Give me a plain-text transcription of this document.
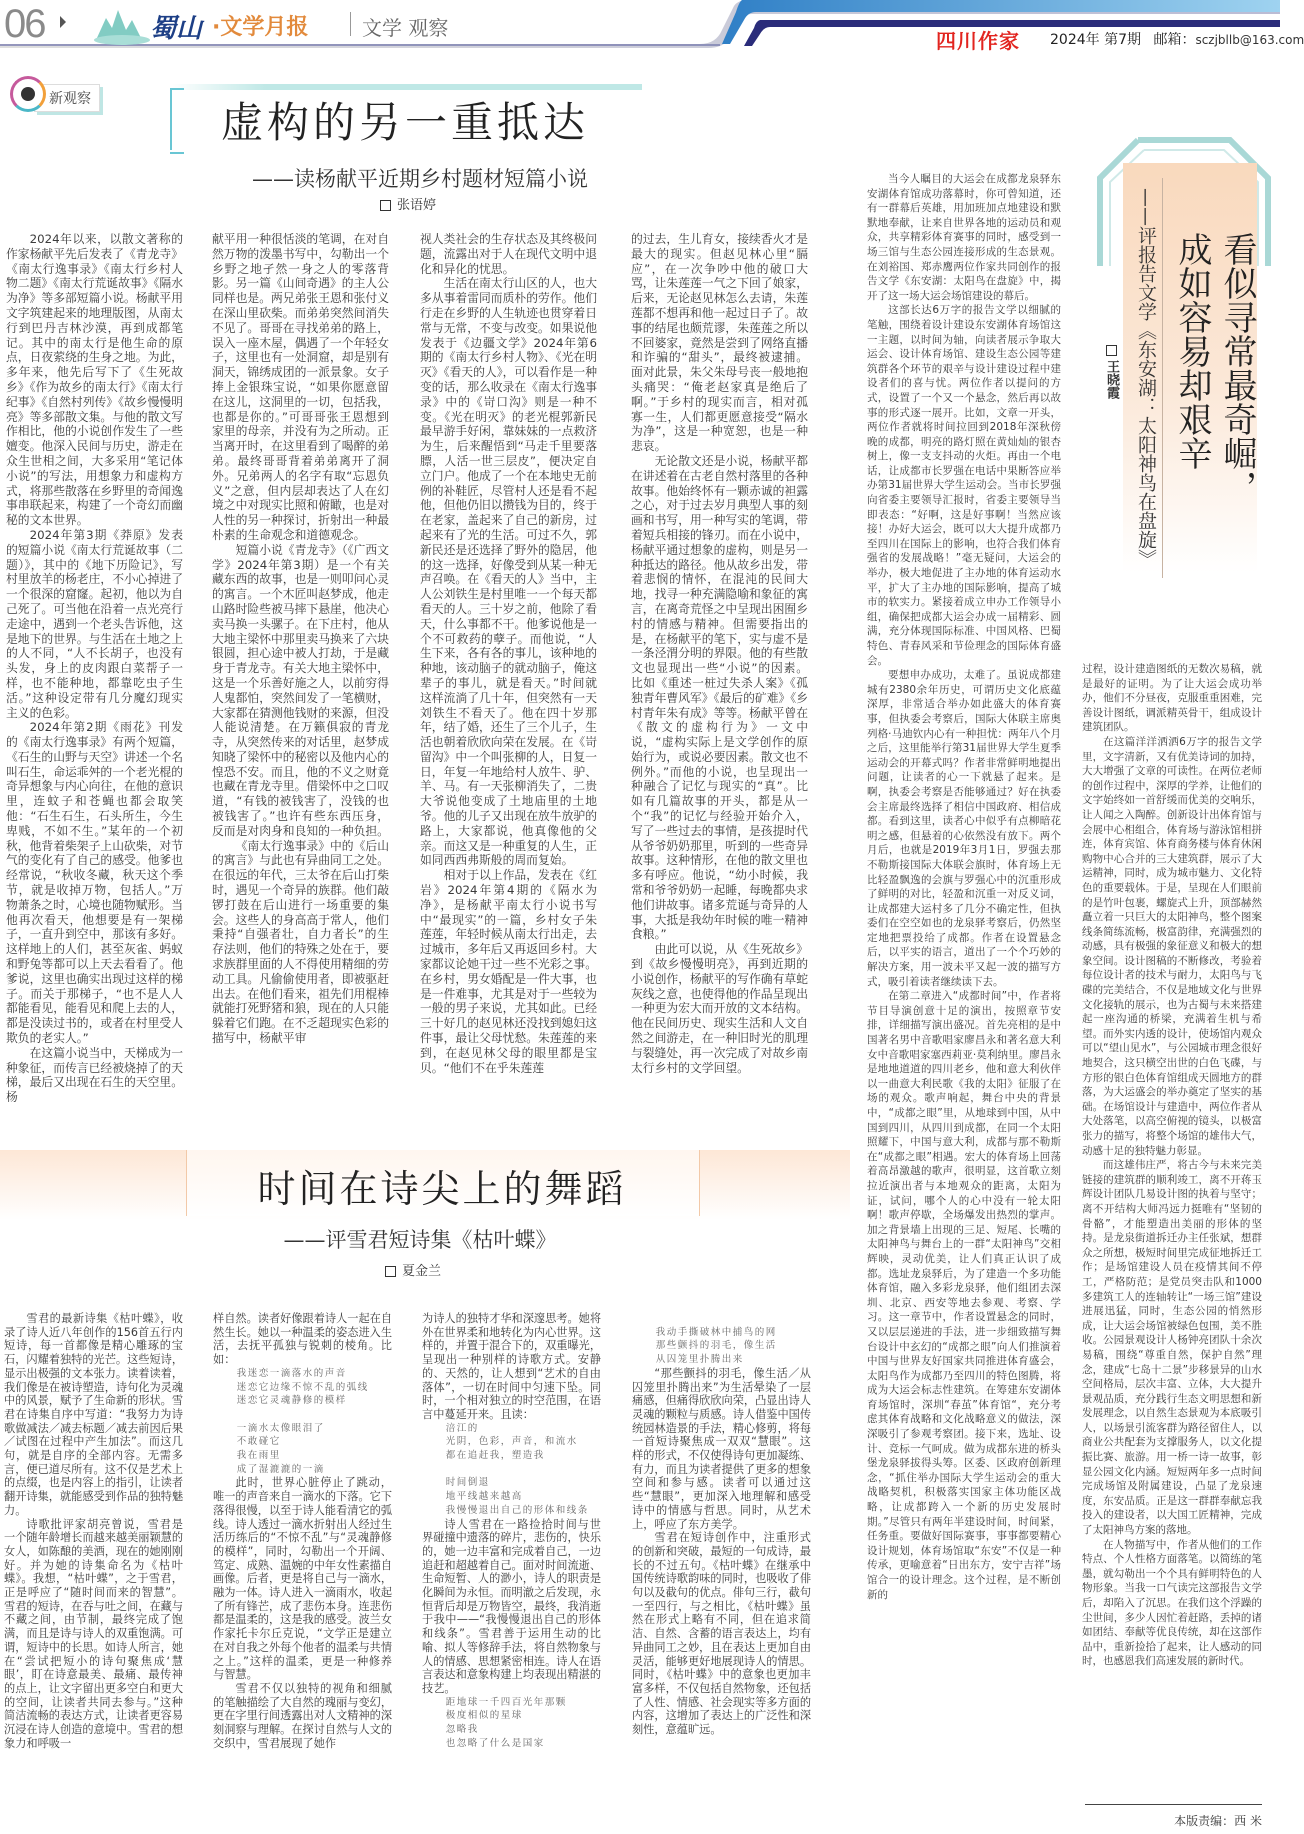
06	蜀山 ·文学月报	文学 观察
四川作家 2024年 第7期 邮箱：sczjbllb@163.com
新观察	虚构的另一重抵达
——读杨献平近期乡村题材短篇小说
张语婷

2024年以来，以散文著称的作家杨献平先后发表了《青龙寺》《南太行逸事录》《南太行乡村人物二题》《南太行荒诞故事》《隔水为净》等多部短篇小说。杨献平用文字筑建起来的地理版图，从南太行到巴丹吉林沙漠，再到成都笔记。其中的南太行是他生命的原点，日夜萦绕的生身之地。为此，多年来，他先后写下了《生死故乡》《作为故乡的南太行》《南太行纪事》《自然村列传》《故乡慢慢明亮》等多部散文集。与他的散文写作相比，他的小说创作发生了一些嬗变。他深入民间与历史，游走在众生世相之间，大多采用“笔记体小说”的写法，用想象力和虚构方式，将那些散落在乡野里的奇闻逸事串联起来，构建了一个奇幻而幽秘的文本世界。

2024年第3期《莽原》发表的短篇小说《南太行荒诞故事（二题）》，其中的《地下历险记》，写村里放羊的杨老庄，不小心掉进了一个很深的窟窿。起初，他以为自己死了。可当他在沿着一点光亮行走途中，遇到一个老头告诉他，这是地下的世界。与生活在土地之上的人不同，“人不长胡子，也没有头发，身上的皮肉跟白菜帮子一样，也不能种地，都靠吃虫子生活。”这种设定带有几分魔幻现实主义的色彩。

2024年第2期《雨花》刊发的《南太行逸事录》有两个短篇，《石生的山野与天空》讲述一个名叫石生，命运乖舛的一个老光棍的奇异想象与内心向往，在他的意识里，连蚊子和苍蝇也都会取笑他：“石生石生，石头所生，今生卑贱，不如不生。”某年的一个初秋，他背着柴架子上山砍柴，对节气的变化有了自己的感受。他爹也经常说，“秋收冬藏，秋天这个季节，就是收掉万物，包括人。”万物萧条之时，心境也随物赋形。当他再次看天，他想要是有一架梯子，一直升到空中，那该有多好。这样地上的人们，甚至灰雀、蚂蚁和野兔等都可以上天去看看了。他爹说，这里也确实出现过这样的梯子。而关于那梯子，“也不是人人都能看见，能看见和爬上去的人，都是没读过书的，或者在村里受人欺负的老实人。”

在这篇小说当中，天梯成为一种象征，而传言已经被烧掉了的天梯，最后又出现在石生的天空里。杨

献平用一种很恬淡的笔调，在对自然万物的泼墨书写中，勾勒出一个乡野之地孑然一身之人的零落背影。另一篇《山间奇遇》的主人公同样也是。两兄弟张王恩和张付义在深山里砍柴。而弟弟突然间消失不见了。哥哥在寻找弟弟的路上，误入一座木屋，偶遇了一个年轻女子，这里也有一处洞窟，却是别有洞天，锦绣成团的一派景象。女子捧上金银珠宝说，“如果你愿意留在这儿，这洞里的一切，包括我，也都是你的。”可哥哥张王恩想到家里的母亲，并没有为之所动。正当离开时，在这里看到了喝醉的弟弟。最终哥哥背着弟弟离开了洞外。兄弟两人的名字有取“忘恩负义”之意，但内层却表达了人在幻境之中对现实比照和俯瞰，也是对人性的另一种探讨，折射出一种最朴素的生命观念和道德观念。

短篇小说《青龙寺》（《广西文学》2024年第3期）是一个有关藏东西的故事，也是一则叩问心灵的寓言。一个木匠叫赵梦成，他走山路时险些被马摔下悬崖，他决心卖马换一头骡子。在下庄村，他从大地主梁怀中那里卖马换来了六块银圆，担心途中被人打劫，于是藏身于青龙寺。有关大地主梁怀中，这是一个乐善好施之人，以前穷得人鬼都怕，突然间发了一笔横财，大家都在猜测他钱财的来源，但没人能说清楚。在万籁俱寂的青龙寺，从突然传来的对话里，赵梦成知晓了梁怀中的秘密以及他内心的惶恐不安。而且，他的不义之财竟也藏在青龙寺里。借梁怀中之口叹道，“有钱的被钱害了，没钱的也被钱害了。”也许有些东西压身，反而是对肉身和良知的一种负担。

《南太行逸事录》中的《后山的寓言》与此也有异曲同工之处。在很远的年代，三太爷在后山打柴时，遇见一个奇异的族群。他们敲锣打鼓在后山进行一场重要的集会。这些人的身高高于常人，他们秉持“自强者壮，自力者长”的生存法则，他们的特殊之处在于，要求族群里面的人不得使用精细的劳动工具。凡偷偷使用者，即被驱赶出去。在他们看来，祖先们用棍棒就能打死野猪和狼，现在的人只能躲着它们跑。在不乏超现实色彩的描写中，杨献平审

视人类社会的生存状态及其终极问题，流露出对于人在现代文明中退化和异化的忧思。

生活在南太行山区的人，也大多从事着雷同而质朴的劳作。他们行走在乡野的人生轨迹也贯穿着日常与无常，不变与改变。如果说他发表于《边疆文学》2024年第6期的《南太行乡村人物》、《光在明灭》《看天的人》，可以看作是一种变的话，那么收录在《南太行逸事录》中的《岢口沟》则是一种不变。《光在明灭》的老光棍郭新民最早游手好闲，靠妹妹的一点救济为生，后来醒悟到“马走千里要落膘，人活一世三层皮”，便决定自立门户。他成了一个在本地史无前例的补鞋匠，尽管村人还是看不起他，但他仍旧以攒钱为目的，终于在老家，盖起来了自己的新房，过起来有了光的生活。可过不久，郭新民还是还选择了野外的隐居，他的这一选择，好像受到从某一种无声召唤。在《看天的人》当中，主人公刘铁生是村里唯一一个每天都看天的人。三十岁之前，他除了看天，什么事都不干。他爹说他是一个不可救药的孽子。而他说，“人生下来，各有各的事儿，该种地的种地，该动脑子的就动脑子，俺这辈子的事儿，就是看天。”时间就这样流淌了几十年，但突然有一天刘铁生不看天了。他在四十岁那年，结了婚，还生了三个儿子，生活也朝着欣欣向荣在发展。在《岢留沟》中一个叫张柳的人，日复一日，年复一年地给村人放牛、驴、羊、马。有一天张柳消失了，二贵大爷说他变成了土地庙里的土地爷。他的儿子又出现在放牛放驴的路上，大家都说，他真像他的父亲。而这又是一种重复的人生，正如同西西弗斯般的周而复始。

相对于以上作品，发表在《红岩》2024年第4期的《隔水为净》，是杨献平南太行小说书写中“最现实”的一篇，乡村女子朱莲莲，年轻时候从南太行出走，去过城市，多年后又再返回乡村。大家都议论她干过一些不光彩之事。在乡村，男女婚配是一件大事，也是一件难事，尤其是对于一些较为一般的男子来说，尤其如此。已经三十好几的赵见林还没找到媳妇这件事，最让父母忧愁。朱莲莲的来到，在赵见林父母的眼里都是宝贝。“他们不在乎朱莲莲

的过去，生儿育女，接续香火才是最大的现实。但赵见林心里“膈应”，在一次争吵中他的破口大骂，让朱莲莲一气之下回了娘家，后来，无论赵见林怎么去请，朱莲莲都不想再和他一起过日子了。故事的结尾也颇荒谬，朱莲莲之所以不回婆家，竟然是尝到了网络直播和诈骗的“甜头”，最终被逮捕。面对此景，朱父朱母号丧一般地抱头痛哭：“俺老赵家真是绝后了啊。”于乡村的现实而言，相对孤寡一生，人们都更愿意接受“隔水为净”，这是一种宽恕，也是一种悲哀。

无论散文还是小说，杨献平都在讲述着在古老自然村落里的各种故事。他始终怀有一颗赤诚的袒露之心，对于过去岁月典型人事的刻画和书写，用一种写实的笔调，带着短兵相接的锋刃。而在小说中，杨献平通过想象的虚构，则是另一种抵达的路径。他从故乡出发，带着悲悯的情怀，在混沌的民间大地，找寻一种充满隐喻和象征的寓言，在离奇荒怪之中呈现出困囿乡村的情感与精神。但需要指出的是，在杨献平的笔下，实与虚不是一条泾渭分明的界限。他的有些散文也显现出一些“小说”的因素。比如《重述一桩过失杀人案》《孤独青年曹风军》《最后的矿难》《乡村青年朱有成》等等。杨献平曾在《散文的虚构行为》一文中说，“虚构实际上是文学创作的原始行为，或说必要因素。散文也不例外。”而他的小说，也呈现出一种融合了记忆与现实的“真”。比如有几篇故事的开头，都是从一个“我”的记忆与经验开始介入，写了一些过去的事情，是孩提时代从爷爷奶奶那里，听到的一些奇异故事。这种情形，在他的散文里也多有呼应。他说，“幼小时候，我常和爷爷奶奶一起睡，每晚都央求他们讲故事。诸多荒诞与奇异的人事，大抵是我幼年时候的唯一精神食粮。”

由此可以说，从《生死故乡》到《故乡慢慢明亮》，再到近期的小说创作，杨献平的写作确有草蛇灰线之意，也使得他的作品呈现出一种更为宏大而开放的文本结构。他在民间历史、现实生活和人文自然之间游走，在一种旧时光的肌理与裂缝处，再一次完成了对故乡南太行乡村的文学回望。

时间在诗尖上的舞蹈
——评雪君短诗集《枯叶蝶》
夏金兰

雪君的最新诗集《枯叶蝶》，收录了诗人近八年创作的156首五行内短诗，每一首都像是精心雕琢的宝石，闪耀着独特的光芒。这些短诗，显示出极强的文本张力。读着读着，我们像是在被诗塑造，诗句化为灵魂中的风景，赋予了生命新的形状。雪君在诗集自序中写道：“我努力为诗歌做减法／减去标题／减去前因后果／试图在过程中产生加法”。而这几句，就是自序的全部内容。无需多言，便已道尽所有。这不仅是艺术上的点缀，也是内容上的指引，让读者翻开诗集，就能感受到作品的独特魅力。

诗歌批评家胡亮曾说，雪君是一个随年龄增长而越来越美丽颖慧的女人，如陈酿的美酒，现在的她刚刚好。并为她的诗集命名为《枯叶蝶》。我想，“枯叶蝶”，之于雪君，正是呼应了“随时间而来的智慧”。雪君的短诗，在吞与吐之间，在藏与不藏之间，由节制，最终完成了饱满，而且是诗与诗人的双重饱满。可谓，短诗中的长思。如诗人所言，她在“尝试把短小的诗句聚焦成‘慧眼’，盯在诗意最美、最痛、最传神的点上，让文字留出更多空白和更大的空间，让读者共同去参与。”这种简洁流畅的表达方式，让读者更容易沉浸在诗人创造的意境中。雪君的想象力和呼吸一

样自然。读者好像跟着诗人一起在自然生长。她以一种温柔的姿态进入生活，去抚平孤独与锐刺的棱角。比如：

我迷恋一滴落水的声音
迷恋它边缘不惊不乱的弧线
迷恋它灵魂静修的模样
一滴水太像眼泪了
不敢碰它
我在雨里
成了湿漉漉的一滴

此时，世界心脏停止了跳动，唯一的声音来自一滴水的下落。它下落得很慢，以至于诗人能看清它的弧线。诗人透过一滴水折射出人经过生活历练后的“不惊不乱”与“灵魂静修的模样”，同时，勾勒出一个开阔、笃定、成熟、温婉的中年女性素描自画像。后者，更是将自己与一滴水，融为一体。诗人进入一滴雨水，收起了所有锋芒，成了悲伤本身。连悲伤都是温柔的，这是我的感受。波兰女作家托卡尔丘克说，“文学正是建立在对自我之外每个他者的温柔与共情之上。”这样的温柔，更是一种修养与智慧。

雪君不仅以独特的视角和细腻的笔触描绘了大自然的瑰丽与变幻，更在字里行间透露出对人文精神的深刻洞察与理解。在探讨自然与人文的交织中，雪君展现了她作

为诗人的独特才华和深邃思考。她将外在世界柔和地转化为内心世界。这样的，并置于混合下的，双重曝光，呈现出一种别样的诗歌方式。安静的、天然的，让人想到“艺术的自由落体”，一切在时间中匀速下坠。同时，一个相对独立的时空范围，在语言中蔓延开来。且读：

涪江的
光阴，色彩，声音，和流水
都在追赶我，塑造我
时间倒退
地平线越来越高
我慢慢退出自己的形体和线条

诗人雪君在一路捡拾时间与世界碰撞中遗落的碎片，悲伤的，快乐的，她一边丰富和完成着自己，一边追赶和超越着自己。面对时间流逝、生命短暂、人的渺小，诗人的职责是化瞬间为永恒。而明澈之后发现，永恒背后却是万物皆空，最终，我消逝于我中——“我慢慢退出自己的形体和线条”。雪君善于运用生动的比喻、拟人等修辞手法，将自然物象与人的情感、思想紧密相连。诗人在语言表达和意象构建上均表现出精湛的技艺。

距地球一千四百光年那颗
极度相似的星球
忽略我
也忽略了什么是国家
我动手撕破林中捕鸟的网
那些颤抖的羽毛，像生活
从囚笼里扑腾出来

“那些颤抖的羽毛，像生活／从囚笼里扑腾出来”为生活晕染了一层痛感，但痛得欣欣向荣，凸显出诗人灵魂的颗粒与质感。诗人借鉴中国传统园林造景的手法，精心修剪，将每一首短诗聚焦成一双双“慧眼”。这样的形式，不仅使得诗句更加凝练、有力，而且为读者提供了更多的想象空间和参与感。读者可以通过这些“慧眼”，更加深入地理解和感受诗中的情感与哲思。同时，从艺术上，呼应了东方美学。

雪君在短诗创作中，注重形式的创新和突破，最短的一句成诗，最长的不过五句。《枯叶蝶》在继承中国传统诗歌韵味的同时，也吸收了俳句以及截句的优点。俳句三行，截句一至四行，与之相比，《枯叶蝶》虽然在形式上略有不同，但在追求简洁、自然、含蓄的语言表达上，均有异曲同工之妙，且在表达上更加自由灵活，能够更好地展现诗人的情思。同时，《枯叶蝶》中的意象也更加丰富多样，不仅包括自然物象，还包括了人性、情感、社会现实等多方面的内容，这增加了表达上的广泛性和深刻性，意蕴旷远。

看似寻常最奇崛，
成如容易却艰辛
——评报告文学《东安湖：太阳神鸟在盘旋》
王晓霞

当今人瞩目的大运会在成都龙泉驿东安湖体育馆成功落幕时，你可曾知道，还有一群幕后英雄，用加班加点地建设和默默地奉献，让来自世界各地的运动员和观众，共享精彩体育赛事的同时，感受到一场三馆与生态公园连接形成的生态景观。在刘裕国、郑赤鹰两位作家共同创作的报告文学《东安湖：太阳鸟在盘旋》中，揭开了这一场大运会场馆建设的幕后。

这部长达6万字的报告文学以细腻的笔触，围绕着设计建设东安湖体育场馆这一主题，以时间为轴，向读者展示争取大运会、设计体育场馆、建设生态公园等建筑群各个环节的艰辛与设计建设过程中建设者们的喜与忧。两位作者以提问的方式，设置了一个又一个悬念，然后再以故事的形式逐一展开。比如，文章一开头，两位作者就将时间拉回到2018年深秋傍晚的成都，明亮的路灯照在黄灿灿的银杏树上，像一支支抖动的火炬。再由一个电话，让成都市长罗强在电话中果断答应举办第31届世界大学生运动会。当市长罗强向省委主要领导汇报时，省委主要领导当即表态：“好啊，这是好事啊！当然应该接！办好大运会，既可以大大提升成都乃至四川在国际上的影响，也符合我们体育强省的发展战略！”毫无疑问，大运会的举办，极大地促进了主办地的体育运动水平，扩大了主办地的国际影响，提高了城市的软实力。紧接着成立申办工作领导小组，确保把成都大运会办成一届精彩、圆满，充分体现国际标准、中国风格、巴蜀特色、青春风采和节俭理念的国际体育盛会。

要想申办成功，太难了。虽说成都建城有2380余年历史，可谓历史文化底蕴深厚，非常适合举办如此盛大的体育赛事，但执委会考察后，国际大体联主席奥列格·马迪钦内心有一种担忧：两年八个月之后，这里能举行第31届世界大学生夏季运动会的开幕式吗？作者非常鲜明地提出问题，让读者的心一下就悬了起来。是啊，执委会考察是否能够通过？好在执委会主席最终选择了相信中国政府、相信成都。看到这里，读者心中似乎有点柳暗花明之感，但悬着的心依然没有放下。两个月后，也就是2019年3月1日，罗强去那不勒斯接国际大体联会旗时，体育场上无比轻盈飘逸的会旗与罗强心中的沉重形成了鲜明的对比，轻盈和沉重一对反义词，让成都建大运村多了几分不确定性，但执委们在空空如也的龙泉驿考察后，仍然坚定地把票投给了成都。作者在设置悬念后，以平实的语言，道出了一个个巧妙的解决方案，用一波未平又起一波的描写方式，吸引着读者继续读下去。

在第二章进入“成都时间”中，作者将节目导演创意十足的演出，按照章节安排，详细描写演出盛况。首先亮相的是中国著名男中音歌唱家廖昌永和著名意大利女中音歌唱家塞西莉亚·莫利纳里。廖昌永是地地道道的四川老乡，他和意大利伙伴以一曲意大利民歌《我的太阳》征服了在场的观众。歌声响起，舞台中央的背景中，“成都之眼”里，从地球到中国，从中国到四川，从四川到成都，在同一个太阳照耀下，中国与意大利，成都与那不勒斯在“成都之眼”相遇。宏大的体育场上回荡着高昂激越的歌声，很明显，这首歌立刻拉近演出者与本地观众的距离，太阳为证，试问，哪个人的心中没有一轮太阳啊！歌声停歇，全场爆发出热烈的掌声。加之背景墙上出现的三足、短尾、长嘴的太阳神鸟与舞台上的一群“太阳神鸟”交相辉映，灵动优美，让人们真正认识了成都。选址龙泉驿后，为了建造一个多功能体育馆，融入多彩龙泉驿，他们组团去深圳、北京、西安等地去参观、考察、学习。这一章节中，作者设置悬念的同时，又以层层递进的手法，进一步细致描写舞台设计中玄幻的“成都之眼”向人们推演着中国与世界友好国家共同推进体育盛会，太阳鸟作为成都乃至四川的特色图腾，将成为大运会标志性建筑。在筹建东安湖体育场馆时，深圳“春茧”体育馆“，充分考虑其体育战略和文化战略意义的做法，深深吸引了参观考察团。接下来，选址、设计、竞标一气呵成。做为成都东进的桥头堡龙泉驿拔得头筹。区委、区政府创新理念，“抓住举办国际大学生运动会的重大战略契机，积极落实国家主体功能区战略，让成都跨入一个新的历史发展时期。”尽管只有两年半建设时间，时间紧，任务重。要做好国际赛事，事事都要精心设计规划，体育场馆取“东安”不仅是一种传承，更喻意着“日出东方，安宁吉祥”场馆合一的设计理念。这个过程，是不断创新的

过程，设计建造图纸的无数次易稿，就是最好的证明。为了让大运会成功举办，他们不分昼夜，克服重重困难，完善设计图纸，调派精英骨干，组成设计建筑团队。

在这篇洋洋洒洒6万字的报告文学里，文字清新，又有优美诗词的加持，大大增强了文章的可读性。在两位老师的创作过程中，深厚的学养，让他们的文字始终如一首舒缓而优美的交响乐，让人闻之入陶醉。创新设计出体育馆与会展中心相组合，体育场与游泳馆相拼连，体育宾馆、体育商务楼与体育休闲购物中心合并的三大建筑群，展示了大运精神，同时，成为城市魅力、文化特色的重要载体。于是，呈现在人们眼前的是竹叶包裹，螺旋式上升，顶部赫然矗立着一只巨大的太阳神鸟，整个图案线条简练流畅，极富韵律，充满强烈的动感，具有极强的象征意义和极大的想象空间。设计图稿的不断修改，考验着每位设计者的技术与耐力，太阳鸟与飞碟的完美结合，不仅是地域文化与世界文化接轨的展示，也为古蜀与未来搭建起一座沟通的桥梁，充满着生机与希望。而外实内透的设计，使场馆内观众可以“望山见水”，与公园城市理念很好地契合，这只横空出世的白色飞碟，与方形的银白色体育馆组成天圆地方的群落，为大运盛会的举办奠定了坚实的基础。在场馆设计与建造中，两位作者从大处落笔，以高空俯视的镜头，以极富张力的描写，将整个场馆的雄伟大气，动感十足的独特魅力彰显。

而这雄伟庄严，将古今与未来完美链接的建筑群的顺利竣工，离不开蒋玉辉设计团队几易设计图的执着与坚守；离不开结构大师冯远力挺唯有“坚韧的骨骼”，才能塑造出美丽的形体的坚持。是龙泉街道拆迁办主任张斌，想群众之所想，极短时间里完成征地拆迁工作；是场馆建设人员在疫情其间不停工，严格防范；是党员突击队和1000多建筑工人的连轴转让“一场三馆”建设进展迅猛，同时，生态公园的悄然形成，让大运会场馆被绿色包围，美不胜收。公园景观设计人杨钟亮团队十余次易稿，围绕“尊重自然，保护自然”理念，建成“七岛十二景”步移景异的山水空间格局，层次丰富、立体，大大提升景观品质，充分践行生态文明思想和新发展理念，以自然生态景观为本底吸引人，以场景引流客群为路径留住人，以商业公共配套为支撑服务人，以文化提振比赛、旅游。用一桥一诗一故事，彰显公园文化内涵。短短两年多一点时间完成场馆及附属建设，凸显了龙泉速度，东安品质。正是这一群群奉献忘我投入的建设者，以大国工匠精神，完成了太阳神鸟方案的落地。

在人物描写中，作者从他们的工作特点、个人性格方面落笔。以简练的笔墨，就勾勒出一个个具有鲜明特色的人物形象。当我一口气读完这部报告文学后，却陷入了沉思。在我们这个浮躁的尘世间，多少人因忙着赶路，丢掉的诸如团结、奉献等优良传统，却在这部作品中，重新捡拾了起来，让人感动的同时，也感恩我们高速发展的新时代。

本版责编：西 米
